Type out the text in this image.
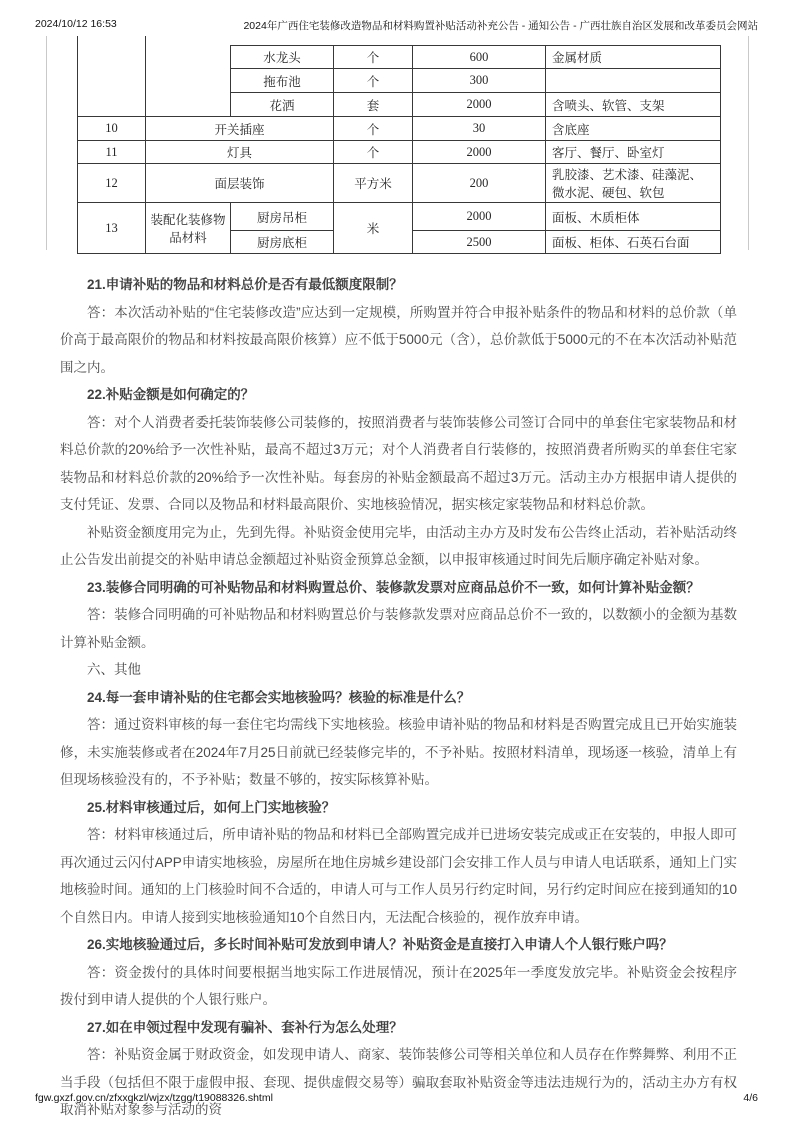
2024/10/12 16:53	2024年广西住宅装修改造物品和材料购置补贴活动补充公告 - 通知公告 - 广西壮族自治区发展和改革委员会网站
		水龙头	个	600	金属材质
		拖布池	个	300	
		花洒	套	2000	含喷头、软管、支架
10	开关插座		个	30	含底座
11	灯具		个	2000	客厅、餐厅、卧室灯
12	面层装饰		平方米	200	乳胶漆、艺术漆、硅藻泥、微水泥、硬包、软包
13	装配化装修物品材料	厨房吊柜	米	2000	面板、木质柜体
		厨房底柜		2500	面板、柜体、石英石台面

21.申请补贴的物品和材料总价是否有最低额度限制？

答：本次活动补贴的“住宅装修改造”应达到一定规模，所购置并符合申报补贴条件的物品和材料的总价款（单价高于最高限价的物品和材料按最高限价核算）应不低于5000元（含），总价款低于5000元的不在本次活动补贴范围之内。

22.补贴金额是如何确定的？

答：对个人消费者委托装饰装修公司装修的，按照消费者与装饰装修公司签订合同中的单套住宅家装物品和材料总价款的20%给予一次性补贴，最高不超过3万元；对个人消费者自行装修的，按照消费者所购买的单套住宅家装物品和材料总价款的20%给予一次性补贴。每套房的补贴金额最高不超过3万元。活动主办方根据申请人提供的支付凭证、发票、合同以及物品和材料最高限价、实地核验情况，据实核定家装物品和材料总价款。

补贴资金额度用完为止，先到先得。补贴资金使用完毕，由活动主办方及时发布公告终止活动，若补贴活动终止公告发出前提交的补贴申请总金额超过补贴资金预算总金额，以申报审核通过时间先后顺序确定补贴对象。

23.装修合同明确的可补贴物品和材料购置总价、装修款发票对应商品总价不一致，如何计算补贴金额？

答：装修合同明确的可补贴物品和材料购置总价与装修款发票对应商品总价不一致的，以数额小的金额为基数计算补贴金额。

六、其他

24.每一套申请补贴的住宅都会实地核验吗？核验的标准是什么？

答：通过资料审核的每一套住宅均需线下实地核验。核验申请补贴的物品和材料是否购置完成且已开始实施装修，未实施装修或者在2024年7月25日前就已经装修完毕的，不予补贴。按照材料清单，现场逐一核验，清单上有但现场核验没有的，不予补贴；数量不够的，按实际核算补贴。

25.材料审核通过后，如何上门实地核验？

答：材料审核通过后，所申请补贴的物品和材料已全部购置完成并已进场安装完成或正在安装的，申报人即可再次通过云闪付APP申请实地核验，房屋所在地住房城乡建设部门会安排工作人员与申请人电话联系，通知上门实地核验时间。通知的上门核验时间不合适的，申请人可与工作人员另行约定时间，另行约定时间应在接到通知的10个自然日内。申请人接到实地核验通知10个自然日内，无法配合核验的，视作放弃申请。

26.实地核验通过后，多长时间补贴可发放到申请人？补贴资金是直接打入申请人个人银行账户吗？

答：资金拨付的具体时间要根据当地实际工作进展情况，预计在2025年一季度发放完毕。补贴资金会按程序拨付到申请人提供的个人银行账户。

27.如在申领过程中发现有骗补、套补行为怎么处理？

答：补贴资金属于财政资金，如发现申请人、商家、装饰装修公司等相关单位和人员存在作弊舞弊、利用不正当手段（包括但不限于虚假申报、套现、提供虚假交易等）骗取套取补贴资金等违法违规行为的，活动主办方有权取消补贴对象参与活动的资

fgw.gxzf.gov.cn/zfxxgkzl/wjzx/tzgg/t19088326.shtml	4/6
